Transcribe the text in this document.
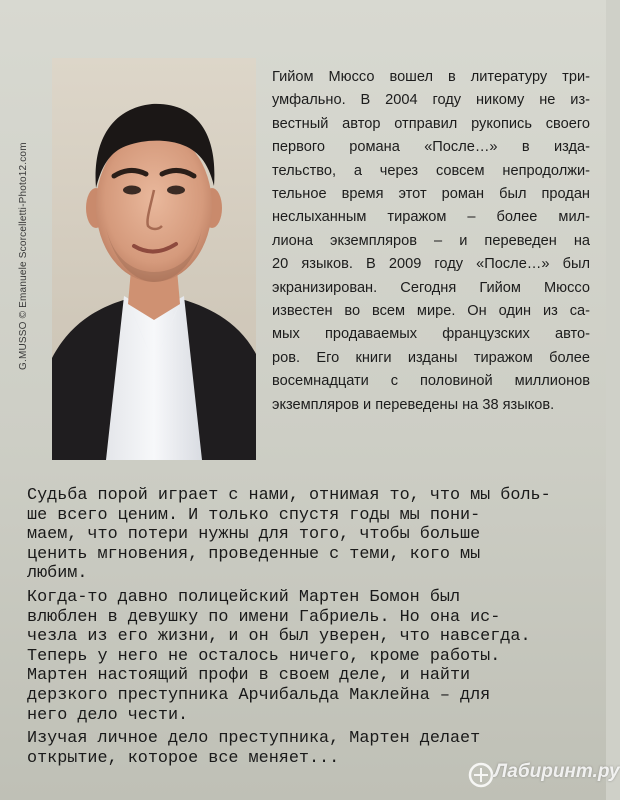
G.MUSSO © Emanuele Scorcelletti-Photo12.com
Гийом Мюссо вошел в литературу три-
умфально. В 2004 году никому не из-
вестный автор отправил рукопись своего
первого романа «После…» в изда-
тельство, а через совсем непродолжи-
тельное время этот роман был продан
неслыханным тиражом – более мил-
лиона экземпляров – и переведен на
20 языков. В 2009 году «После…» был
экранизирован. Сегодня Гийом Мюссо
известен во всем мире. Он один из са-
мых продаваемых французских авто-
ров. Его книги изданы тиражом более
восемнадцати с половиной миллионов
экземпляров и переведены на 38 языков.
Судьба порой играет с нами, отнимая то, что мы боль-
ше всего ценим. И только спустя годы мы пони-
маем, что потери нужны для того, чтобы больше
ценить мгновения, проведенные с теми, кого мы
любим.
Когда-то давно полицейский Мартен Бомон был
влюблен в девушку по имени Габриель. Но она ис-
чезла из его жизни, и он был уверен, что навсегда.
Теперь у него не осталось ничего, кроме работы.
Мартен настоящий профи в своем деле, и найти
дерзкого преступника Арчибальда Маклейна – для
него дело чести.
Изучая личное дело преступника, Мартен делает
открытие, которое все меняет...
Лабиринт.ру
